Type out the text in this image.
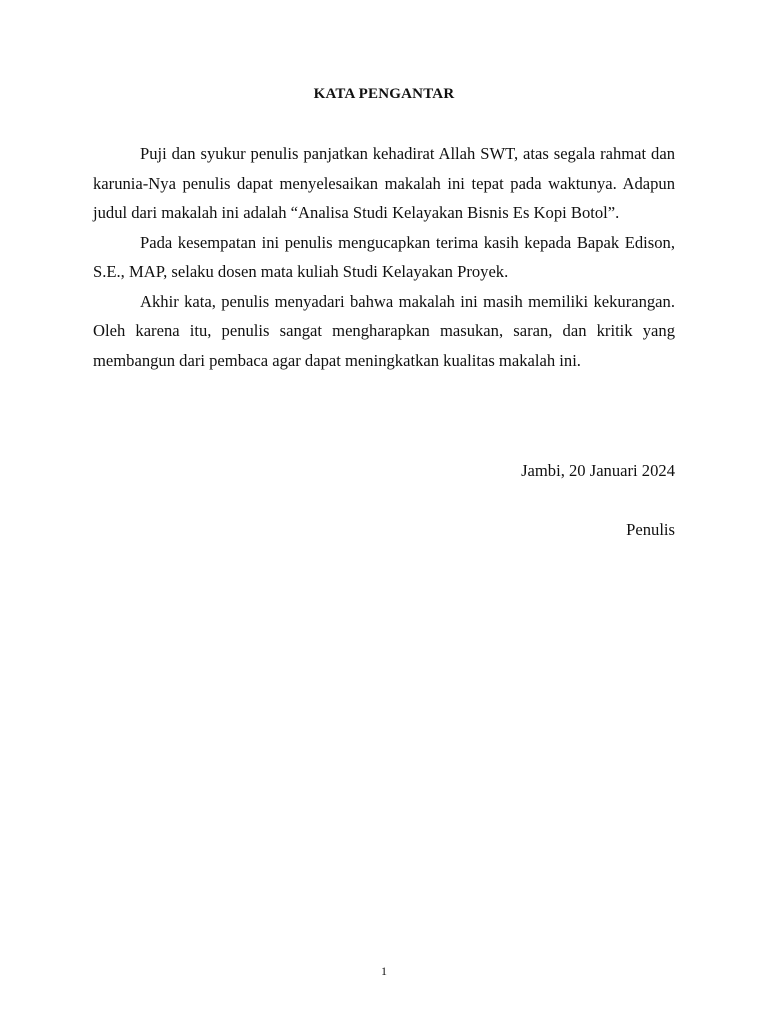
KATA PENGANTAR

Puji dan syukur penulis panjatkan kehadirat Allah SWT, atas segala rahmat dan karunia-Nya penulis dapat menyelesaikan makalah ini tepat pada waktunya. Adapun judul dari makalah ini adalah “Analisa Studi Kelayakan Bisnis Es Kopi Botol”.

Pada kesempatan ini penulis mengucapkan terima kasih kepada Bapak Edison, S.E., MAP, selaku dosen mata kuliah Studi Kelayakan Proyek.

Akhir kata, penulis menyadari bahwa makalah ini masih memiliki kekurangan. Oleh karena itu, penulis sangat mengharapkan masukan, saran, dan kritik yang membangun dari pembaca agar dapat meningkatkan kualitas makalah ini.

Jambi, 20 Januari 2024
Penulis
1
